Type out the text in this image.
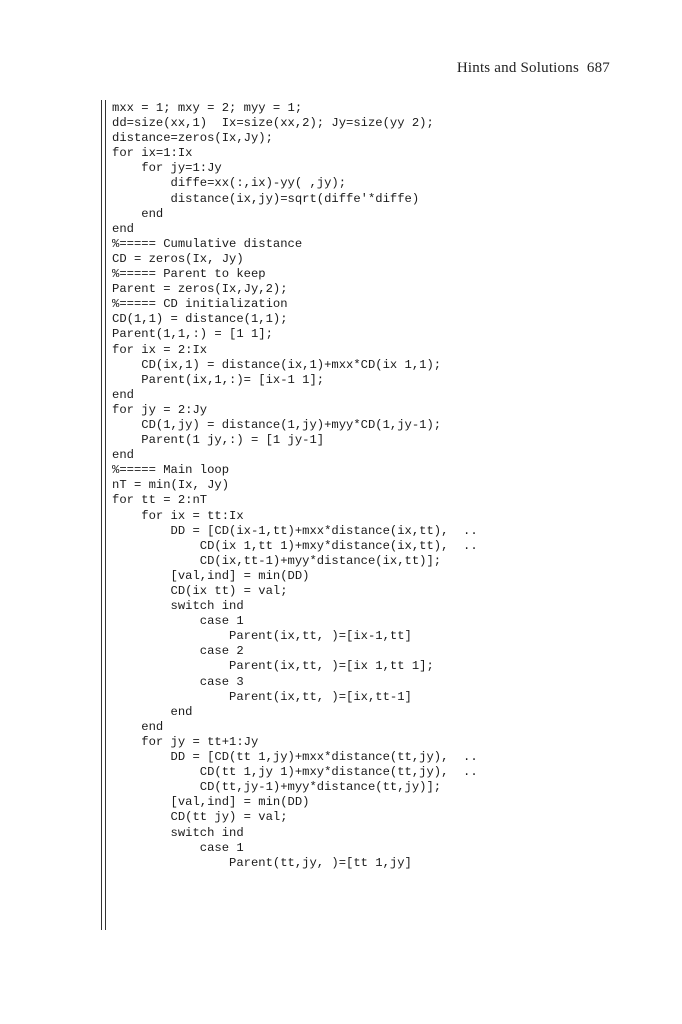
Hints and Solutions  687
mxx = 1; mxy = 2; myy = 1;
dd=size(xx,1)  Ix=size(xx,2); Jy=size(yy 2);
distance=zeros(Ix,Jy);
for ix=1:Ix
for jy=1:Jy
diffe=xx(:,ix)-yy( ,jy);
distance(ix,jy)=sqrt(diffe'*diffe)
end
end
%===== Cumulative distance
CD = zeros(Ix, Jy)
%===== Parent to keep
Parent = zeros(Ix,Jy,2);
%===== CD initialization
CD(1,1) = distance(1,1);
Parent(1,1,:) = [1 1];
for ix = 2:Ix
CD(ix,1) = distance(ix,1)+mxx*CD(ix 1,1);
Parent(ix,1,:)= [ix-1 1];
end
for jy = 2:Jy
CD(1,jy) = distance(1,jy)+myy*CD(1,jy-1);
Parent(1 jy,:) = [1 jy-1]
end
%===== Main loop
nT = min(Ix, Jy)
for tt = 2:nT
for ix = tt:Ix
DD = [CD(ix-1,tt)+mxx*distance(ix,tt),  ..
CD(ix 1,tt 1)+mxy*distance(ix,tt),  ..
CD(ix,tt-1)+myy*distance(ix,tt)];
[val,ind] = min(DD)
CD(ix tt) = val;
switch ind
case 1
Parent(ix,tt, )=[ix-1,tt]
case 2
Parent(ix,tt, )=[ix 1,tt 1];
case 3
Parent(ix,tt, )=[ix,tt-1]
end
end
for jy = tt+1:Jy
DD = [CD(tt 1,jy)+mxx*distance(tt,jy),  ..
CD(tt 1,jy 1)+mxy*distance(tt,jy),  ..
CD(tt,jy-1)+myy*distance(tt,jy)];
[val,ind] = min(DD)
CD(tt jy) = val;
switch ind
case 1
Parent(tt,jy, )=[tt 1,jy]
